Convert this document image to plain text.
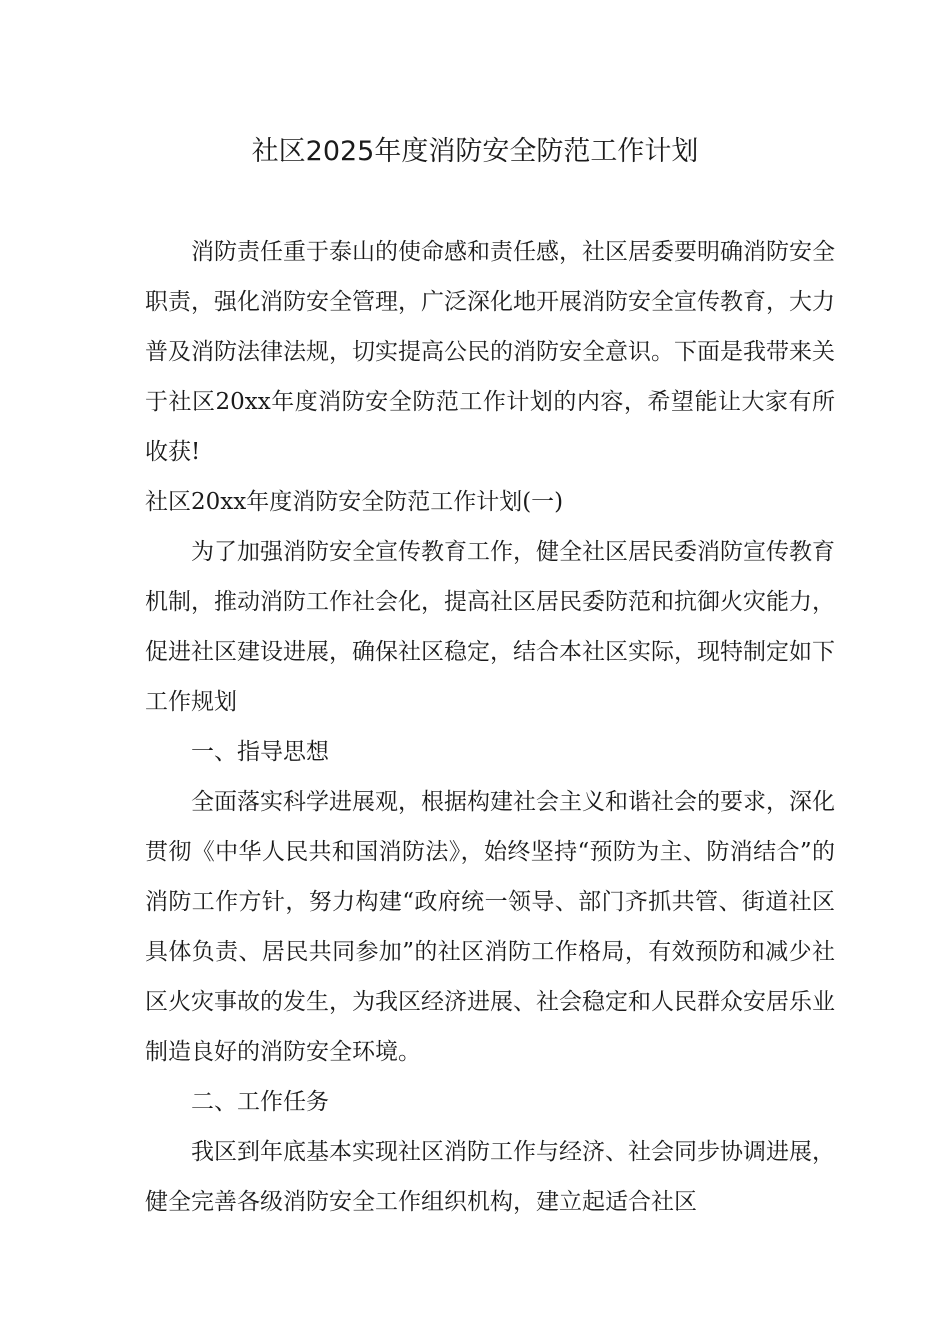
社区2025年度消防安全防范工作计划

消防责任重于泰山的使命感和责任感，社区居委要明确消防安全职责，强化消防安全管理，广泛深化地开展消防安全宣传教育，大力普及消防法律法规，切实提高公民的消防安全意识。下面是我带来关于社区20xx年度消防安全防范工作计划的内容，希望能让大家有所收获!

社区20xx年度消防安全防范工作计划(一)

为了加强消防安全宣传教育工作，健全社区居民委消防宣传教育机制，推动消防工作社会化，提高社区居民委防范和抗御火灾能力，促进社区建设进展，确保社区稳定，结合本社区实际，现特制定如下工作规划

一、指导思想

全面落实科学进展观，根据构建社会主义和谐社会的要求，深化贯彻《中华人民共和国消防法》，始终坚持“预防为主、防消结合”的消防工作方针，努力构建“政府统一领导、部门齐抓共管、街道社区具体负责、居民共同参加”的社区消防工作格局，有效预防和减少社区火灾事故的发生，为我区经济进展、社会稳定和人民群众安居乐业制造良好的消防安全环境。

二、工作任务

我区到年底基本实现社区消防工作与经济、社会同步协调进展，健全完善各级消防安全工作组织机构，建立起适合社区
